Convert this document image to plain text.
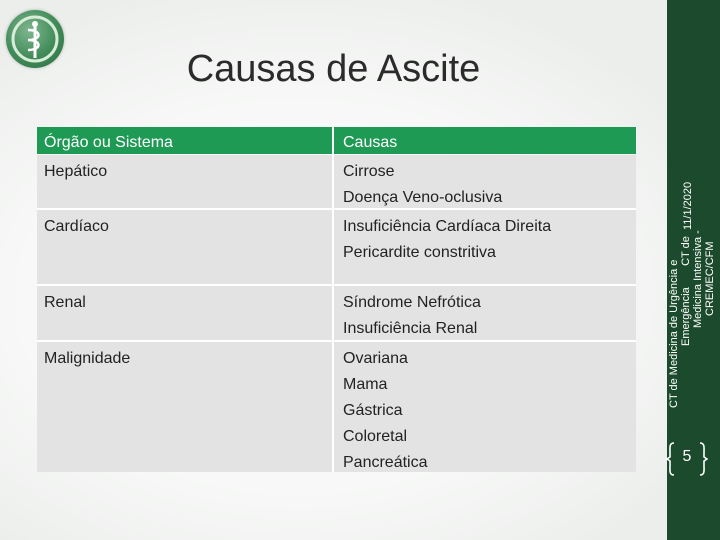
Causas de Ascite
Órgão ou Sistema	Causas
Hepático	Cirrose
Doença Veno-oclusiva
Cardíaco	Insuficiência Cardíaca Direita
Pericardite constritiva
Renal	Síndrome Nefrótica
Insuficiência Renal
Malignidade	Ovariana
Mama
Gástrica
Coloretal
Pancreática
CT de Medicina de Urgência e Emergência       CT de Medicina Intensiva - CREMEC/CFM
11/1/2020
5
